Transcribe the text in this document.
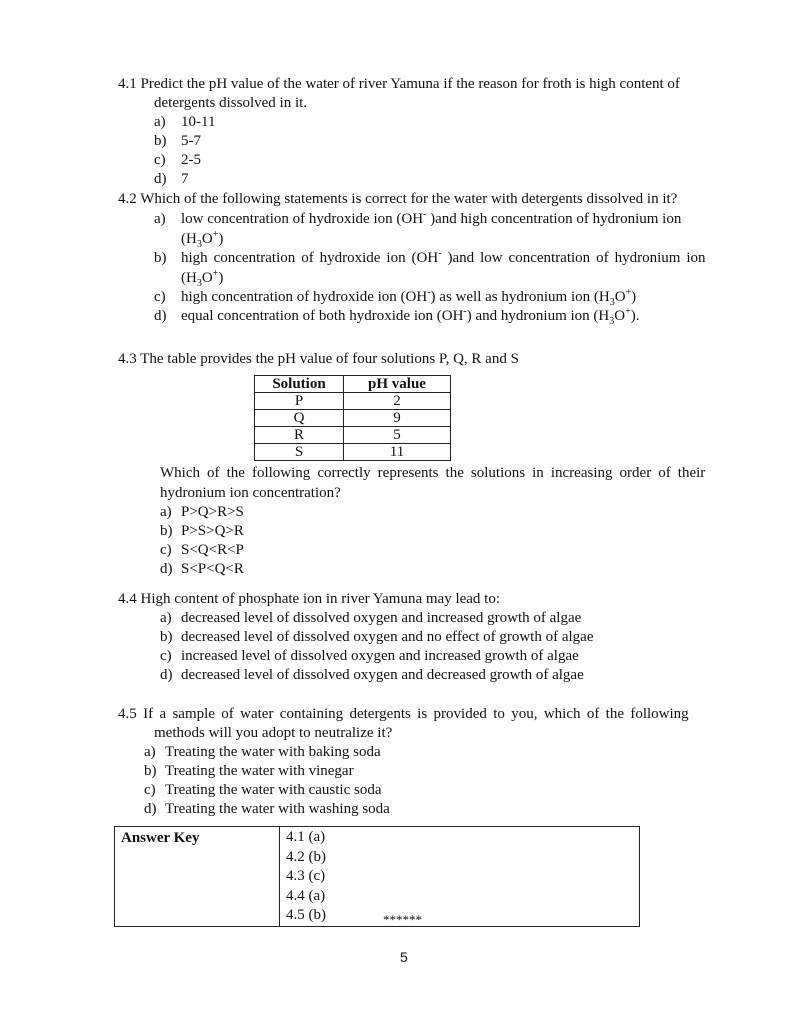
4.1 Predict the pH value of the water of river Yamuna if the reason for froth is high content of
detergents dissolved in it.
a) 10-11
b) 5-7
c) 2-5
d) 7
4.2 Which of the following statements is correct for the water with detergents dissolved in it?
a) low concentration of hydroxide ion (OH- )and high concentration of hydronium ion
$(H_3O^+)$
b) high concentration of hydroxide ion (OH- )and low concentration of hydronium ion
$(H_3O^+)$
c) high concentration of hydroxide ion (OH-) as well as hydronium ion $(H_3O^+)$
d) equal concentration of both hydroxide ion (OH-) and hydronium ion $(H_3O^+)$.
4.3 The table provides the pH value of four solutions P, Q, R and S
Solution	pH value
P	2
Q	9
R	5
S	11
Which of the following correctly represents the solutions in increasing order of their
hydronium ion concentration?
a) P>Q>R>S
b) P>S>Q>R
c) S<Q<R<P
d) S<P<Q<R
4.4 High content of phosphate ion in river Yamuna may lead to:
a) decreased level of dissolved oxygen and increased growth of algae
b) decreased level of dissolved oxygen and no effect of growth of algae
c) increased level of dissolved oxygen and increased growth of algae
d) decreased level of dissolved oxygen and decreased growth of algae
4.5 If a sample of water containing detergents is provided to you, which of the following
methods will you adopt to neutralize it?
a) Treating the water with baking soda
b) Treating the water with vinegar
c) Treating the water with caustic soda
d) Treating the water with washing soda
Answer Key	4.1 (a)
4.2 (b)
4.3 (c)
4.4 (a)
4.5 (b)	******
5
